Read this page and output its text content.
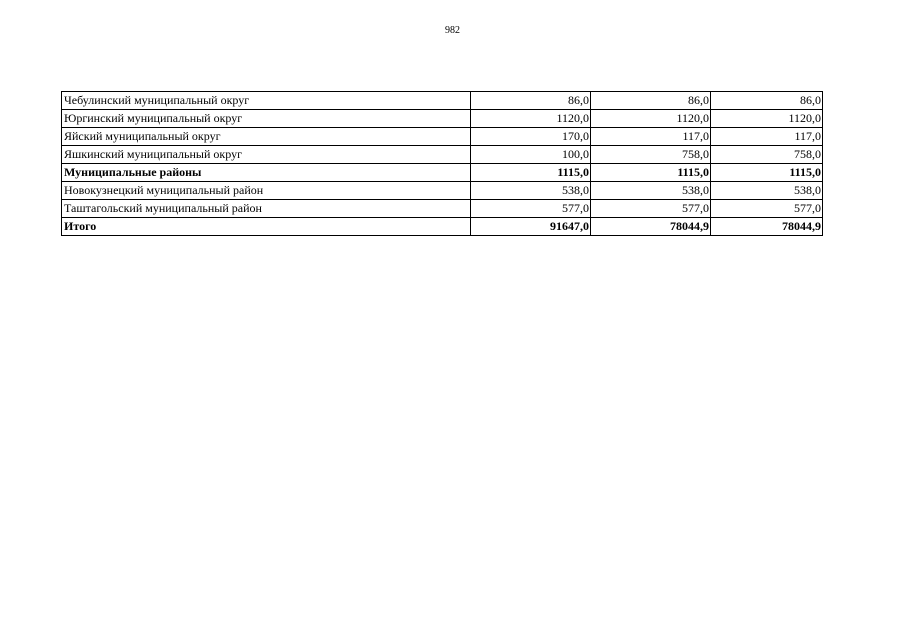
982
Чебулинский муниципальный округ	86,0	86,0	86,0
Юргинский муниципальный округ	1120,0	1120,0	1120,0
Яйский муниципальный округ	170,0	117,0	117,0
Яшкинский муниципальный округ	100,0	758,0	758,0
Муниципальные районы	1115,0	1115,0	1115,0
Новокузнецкий муниципальный район	538,0	538,0	538,0
Таштагольский муниципальный район	577,0	577,0	577,0
Итого	91647,0	78044,9	78044,9
